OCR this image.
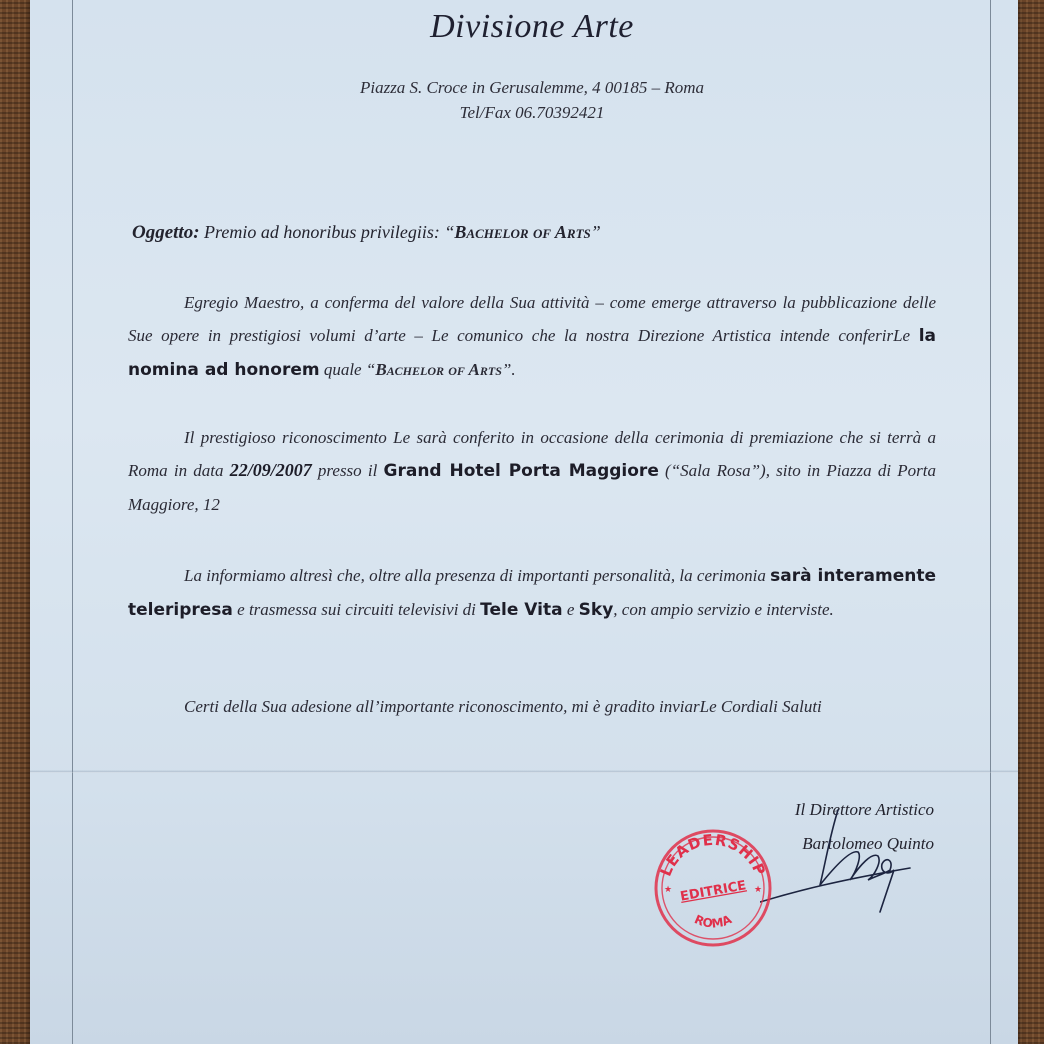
Divisione Arte
Piazza S. Croce in Gerusalemme, 4 00185 – Roma
Tel/Fax 06.70392421
Oggetto: Premio ad honoribus privilegiis: “Bachelor of Arts”
Egregio Maestro, a conferma del valore della Sua attività – come emerge attraverso la pubblicazione delle Sue opere in prestigiosi volumi d’arte – Le comunico che la nostra Direzione Artistica intende conferirLe la nomina ad honorem quale “Bachelor of Arts”.
Il prestigioso riconoscimento Le sarà conferito in occasione della cerimonia di premiazione che si terrà a Roma in data 22/09/2007 presso il Grand Hotel Porta Maggiore (“Sala Rosa”), sito in Piazza di Porta Maggiore, 12
La informiamo altresì che, oltre alla presenza di importanti personalità, la cerimonia sarà interamente teleripresa e trasmessa sui circuiti televisivi di Tele Vita e Sky, con ampio servizio e interviste.
Certi della Sua adesione all’importante riconoscimento, mi è gradito inviarLe Cordiali Saluti
Il Direttore Artistico
Bartolomeo Quinto
LEADERSHIP
EDITRICE
ROMA
★	★
